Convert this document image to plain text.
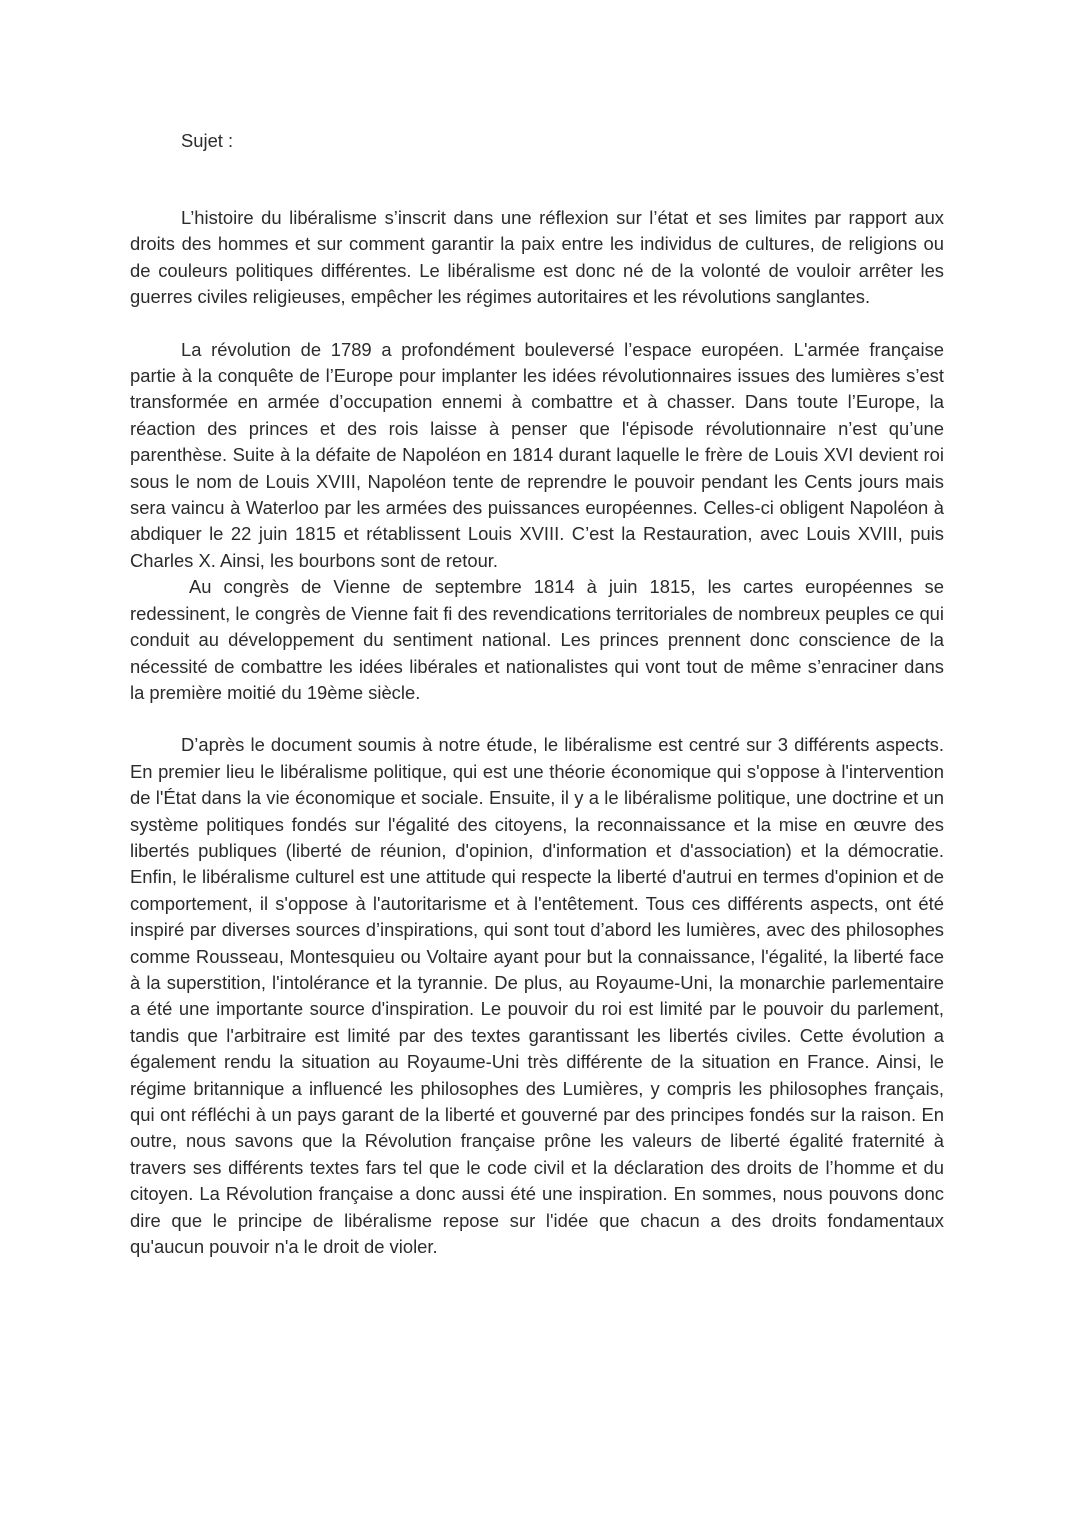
Sujet :

L’histoire du libéralisme s’inscrit dans une réflexion sur l’état et ses limites par rapport aux droits des hommes et sur comment garantir la paix entre les individus de cultures, de religions ou de couleurs politiques différentes. Le libéralisme est donc né de la volonté de vouloir arrêter les guerres civiles religieuses, empêcher les régimes autoritaires et les révolutions sanglantes.

La révolution de 1789 a profondément bouleversé l’espace européen. L'armée française partie à la conquête de l’Europe pour implanter les idées révolutionnaires issues des lumières s’est transformée en armée d’occupation ennemi à combattre et à chasser. Dans toute l’Europe, la réaction des princes et des rois laisse à penser que l'épisode révolutionnaire n’est qu’une parenthèse. Suite à la défaite de Napoléon en 1814 durant laquelle le frère de Louis XVI devient roi sous le nom de Louis XVIII, Napoléon tente de reprendre le pouvoir pendant les Cents jours mais sera vaincu à Waterloo par les armées des puissances européennes. Celles-ci obligent Napoléon à abdiquer le 22 juin 1815 et rétablissent Louis XVIII. C’est la Restauration, avec Louis XVIII, puis Charles X. Ainsi, les bourbons sont de retour.

Au congrès de Vienne de septembre 1814 à juin 1815, les cartes européennes se redessinent, le congrès de Vienne fait fi des revendications territoriales de nombreux peuples ce qui conduit au développement du sentiment national. Les princes prennent donc conscience de la nécessité de combattre les idées libérales et nationalistes qui vont tout de même s’enraciner dans la première moitié du 19ème siècle.

D’après le document soumis à notre étude, le libéralisme est centré sur 3 différents aspects. En premier lieu le libéralisme politique, qui est une théorie économique qui s'oppose à l'intervention de l'État dans la vie économique et sociale. Ensuite, il y a le libéralisme politique, une doctrine et un système politiques fondés sur l'égalité des citoyens, la reconnaissance et la mise en œuvre des libertés publiques (liberté de réunion, d'opinion, d'information et d'association) et la démocratie. Enfin, le libéralisme culturel est une attitude qui respecte la liberté d'autrui en termes d'opinion et de comportement, il s'oppose à l'autoritarisme et à l'entêtement. Tous ces différents aspects, ont été inspiré par diverses sources d’inspirations, qui sont tout d’abord les lumières, avec des philosophes comme Rousseau, Montesquieu ou Voltaire ayant pour but la connaissance, l'égalité, la liberté face à la superstition, l'intolérance et la tyrannie. De plus, au Royaume-Uni, la monarchie parlementaire a été une importante source d'inspiration. Le pouvoir du roi est limité par le pouvoir du parlement, tandis que l'arbitraire est limité par des textes garantissant les libertés civiles. Cette évolution a également rendu la situation au Royaume-Uni très différente de la situation en France. Ainsi, le régime britannique a influencé les philosophes des Lumières, y compris les philosophes français, qui ont réfléchi à un pays garant de la liberté et gouverné par des principes fondés sur la raison. En outre, nous savons que la Révolution française prône les valeurs de liberté égalité fraternité à travers ses différents textes fars tel que le code civil et la déclaration des droits de l’homme et du citoyen. La Révolution française a donc aussi été une inspiration. En sommes, nous pouvons donc dire que le principe de libéralisme repose sur l'idée que chacun a des droits fondamentaux qu'aucun pouvoir n'a le droit de violer.
